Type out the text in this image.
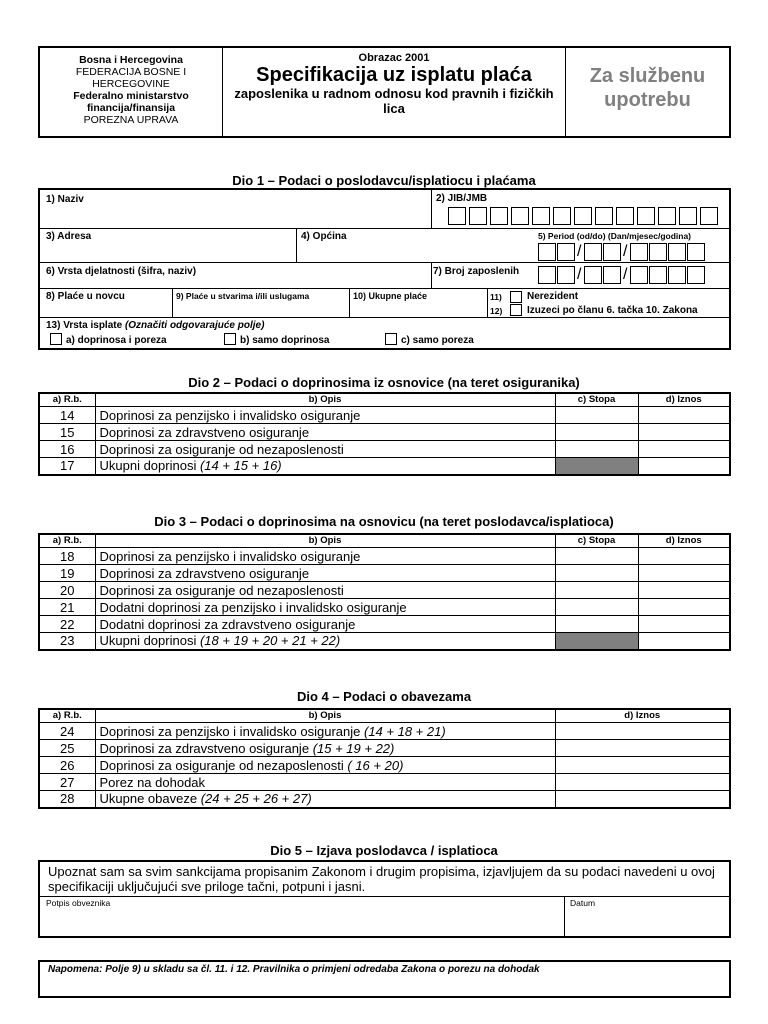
Bosna i Hercegovina
FEDERACIJA BOSNE I HERCEGOVINE
Federalno ministarstvo financija/finansija
POREZNA UPRAVA
Obrazac 2001
Specifikacija uz isplatu plaća
zaposlenika u radnom odnosu kod pravnih i fizičkih lica
Za službenu upotrebu
Dio 1 – Podaci o poslodavcu/isplatiocu i plaćama
1) Naziv	2) JIB/JMB
3) Adresa	4) Općina	5) Period (od/do) (Dan/mjesec/godina)
/	/
6) Vrsta djelatnosti (šifra, naziv)	7) Broj zaposlenih	/	/
8) Plaće u novcu	9) Plaće u stvarima i/ili uslugama	10) Ukupne plaće	11)	Nerezident
12) Izuzeci po članu 6. tačka 10. Zakona
13) Vrsta isplate (Označiti odgovarajuće polje)
a) doprinosa i poreza	b) samo doprinosa	c) samo poreza
Dio 2 – Podaci o doprinosima iz osnovice (na teret osiguranika)
a) R.b.	b) Opis	c) Stopa	d) Iznos
14	Doprinosi za penzijsko i invalidsko osiguranje		
15	Doprinosi za zdravstveno osiguranje		
16	Doprinosi za osiguranje od nezaposlenosti		
17	Ukupni doprinosi (14 + 15 + 16)		
Dio 3 – Podaci o doprinosima na osnovicu (na teret poslodavca/isplatioca)
a) R.b.	b) Opis	c) Stopa	d) Iznos
18	Doprinosi za penzijsko i invalidsko osiguranje		
19	Doprinosi za zdravstveno osiguranje		
20	Doprinosi za osiguranje od nezaposlenosti		
21	Dodatni doprinosi za penzijsko i invalidsko osiguranje		
22	Dodatni doprinosi za zdravstveno osiguranje		
23	Ukupni doprinosi (18 + 19 + 20 + 21 + 22)		
Dio 4 – Podaci o obavezama
a) R.b.	b) Opis	d) Iznos
24	Doprinosi za penzijsko i invalidsko osiguranje (14 + 18 + 21)	
25	Doprinosi za zdravstveno osiguranje (15 + 19 + 22)	
26	Doprinosi za osiguranje od nezaposlenosti ( 16 + 20)	
27	Porez na dohodak	
28	Ukupne obaveze (24 + 25 + 26 + 27)	
Dio 5 – Izjava poslodavca / isplatioca
Upoznat sam sa svim sankcijama propisanim Zakonom i drugim propisima, izjavljujem da su podaci navedeni u ovoj specifikaciji uključujući sve priloge tačni, potpuni i jasni.
Potpis obveznika	Datum
Napomena: Polje 9) u skladu sa čl. 11. i 12. Pravilnika o primjeni odredaba Zakona o porezu na dohodak
